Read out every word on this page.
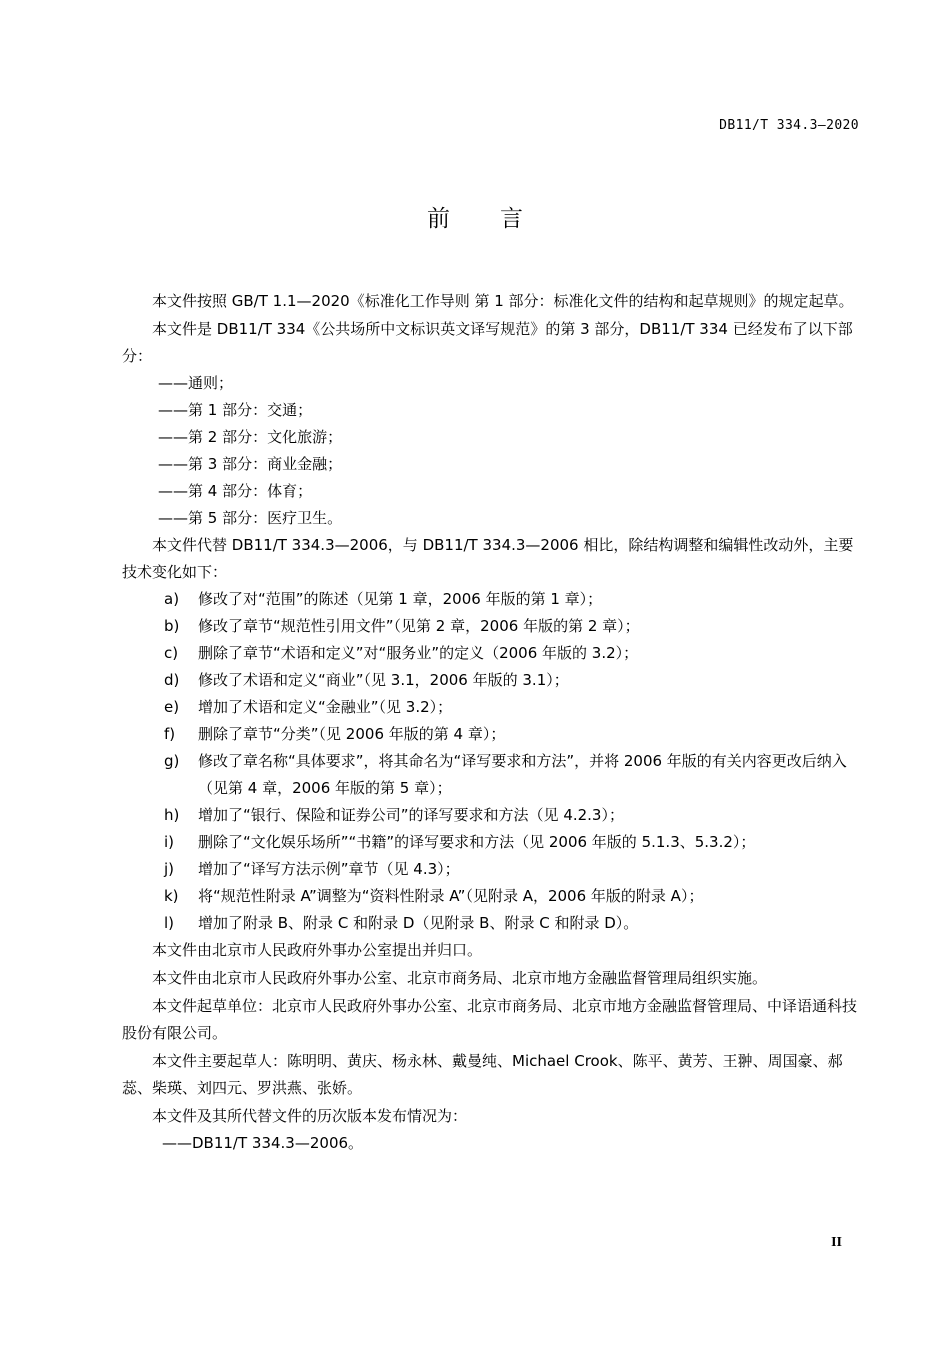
DB11/T 334.3—2020
前言

本文件按照 GB/T 1.1—2020《标准化工作导则 第 1 部分：标准化文件的结构和起草规则》的规定起草。

本文件是 DB11/T 334《公共场所中文标识英文译写规范》的第 3 部分，DB11/T 334 已经发布了以下部分：

——通则；

——第 1 部分：交通；

——第 2 部分：文化旅游；

——第 3 部分：商业金融；

——第 4 部分：体育；

——第 5 部分：医疗卫生。

本文件代替 DB11/T 334.3—2006，与 DB11/T 334.3—2006 相比，除结构调整和编辑性改动外，主要技术变化如下：

a)	修改了对“范围”的陈述（见第 1 章，2006 年版的第 1 章）；
b)	修改了章节“规范性引用文件”（见第 2 章，2006 年版的第 2 章）；
c)	删除了章节“术语和定义”对“服务业”的定义（2006 年版的 3.2）；
d)	修改了术语和定义“商业”（见 3.1，2006 年版的 3.1）；
e)	增加了术语和定义“金融业”（见 3.2）；
f)	删除了章节“分类”（见 2006 年版的第 4 章）；
g)	修改了章名称“具体要求”，将其命名为“译写要求和方法”，并将 2006 年版的有关内容更改后纳入（见第 4 章，2006 年版的第 5 章）；
h)	增加了“银行、保险和证券公司”的译写要求和方法（见 4.2.3）；
i)	删除了“文化娱乐场所”“书籍”的译写要求和方法（见 2006 年版的 5.1.3、5.3.2）；
j)	增加了“译写方法示例”章节（见 4.3）；
k)	将“规范性附录 A”调整为“资料性附录 A”（见附录 A，2006 年版的附录 A）；
l)	增加了附录 B、附录 C 和附录 D（见附录 B、附录 C 和附录 D）。

本文件由北京市人民政府外事办公室提出并归口。

本文件由北京市人民政府外事办公室、北京市商务局、北京市地方金融监督管理局组织实施。

本文件起草单位：北京市人民政府外事办公室、北京市商务局、北京市地方金融监督管理局、中译语通科技股份有限公司。

本文件主要起草人：陈明明、黄庆、杨永林、戴曼纯、Michael Crook、陈平、黄芳、王翀、周国豪、郝蕊、柴瑛、刘四元、罗洪燕、张娇。

本文件及其所代替文件的历次版本发布情况为：

——DB11/T 334.3—2006。

II
